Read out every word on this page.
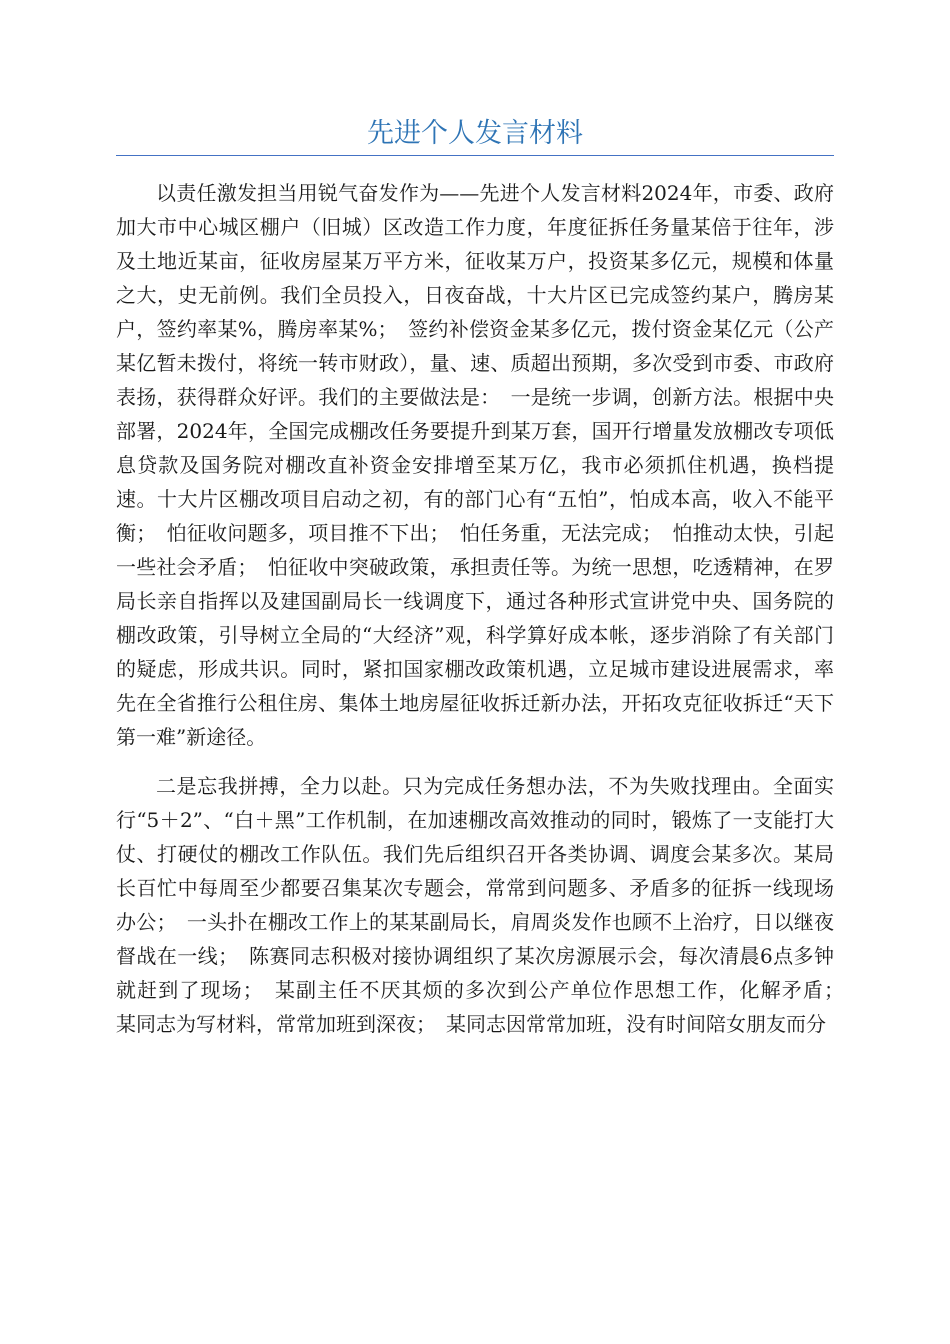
先进个人发言材料

以责任激发担当用锐气奋发作为——先进个人发言材料2024年，市委、政府加大市中心城区棚户（旧城）区改造工作力度，年度征拆任务量某倍于往年，涉及土地近某亩，征收房屋某万平方米，征收某万户，投资某多亿元，规模和体量之大，史无前例。我们全员投入，日夜奋战，十大片区已完成签约某户，腾房某户，签约率某%，腾房率某%；　签约补偿资金某多亿元，拨付资金某亿元（公产某亿暂未拨付，将统一转市财政），量、速、质超出预期，多次受到市委、市政府表扬，获得群众好评。我们的主要做法是：　一是统一步调，创新方法。根据中央部署，2024年，全国完成棚改任务要提升到某万套，国开行增量发放棚改专项低息贷款及国务院对棚改直补资金安排增至某万亿，我市必须抓住机遇，换档提速。十大片区棚改项目启动之初，有的部门心有“五怕”，怕成本高，收入不能平衡；　怕征收问题多，项目推不下出；　怕任务重，无法完成；　怕推动太快，引起一些社会矛盾；　怕征收中突破政策，承担责任等。为统一思想，吃透精神，在罗局长亲自指挥以及建国副局长一线调度下，通过各种形式宣讲党中央、国务院的棚改政策，引导树立全局的“大经济”观，科学算好成本帐，逐步消除了有关部门的疑虑，形成共识。同时，紧扣国家棚改政策机遇，立足城市建设进展需求，率先在全省推行公租住房、集体土地房屋征收拆迁新办法，开拓攻克征收拆迁“天下第一难”新途径。

二是忘我拼搏，全力以赴。只为完成任务想办法，不为失败找理由。全面实行“5＋2”、“白＋黑”工作机制，在加速棚改高效推动的同时，锻炼了一支能打大仗、打硬仗的棚改工作队伍。我们先后组织召开各类协调、调度会某多次。某局长百忙中每周至少都要召集某次专题会，常常到问题多、矛盾多的征拆一线现场办公；　一头扑在棚改工作上的某某副局长，肩周炎发作也顾不上治疗，日以继夜督战在一线；　陈赛同志积极对接协调组织了某次房源展示会，每次清晨6点多钟就赶到了现场；　某副主任不厌其烦的多次到公产单位作思想工作，化解矛盾；　某同志为写材料，常常加班到深夜；　某同志因常常加班，没有时间陪女朋友而分
